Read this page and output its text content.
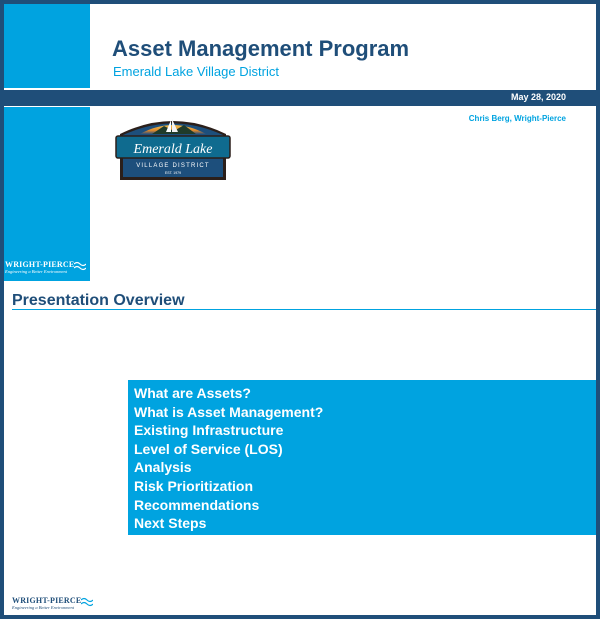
Asset Management Program
Emerald Lake Village District
May 28, 2020
Chris Berg, Wright-Pierce
Emerald Lake
VILLAGE DISTRICT
EST. 1979
WRIGHT-PIERCE
Engineering a Better Environment
Presentation Overview
What are Assets?
What is Asset Management?
Existing Infrastructure
Level of Service (LOS)
Analysis
Risk Prioritization
Recommendations
Next Steps
WRIGHT-PIERCE
Engineering a Better Environment
